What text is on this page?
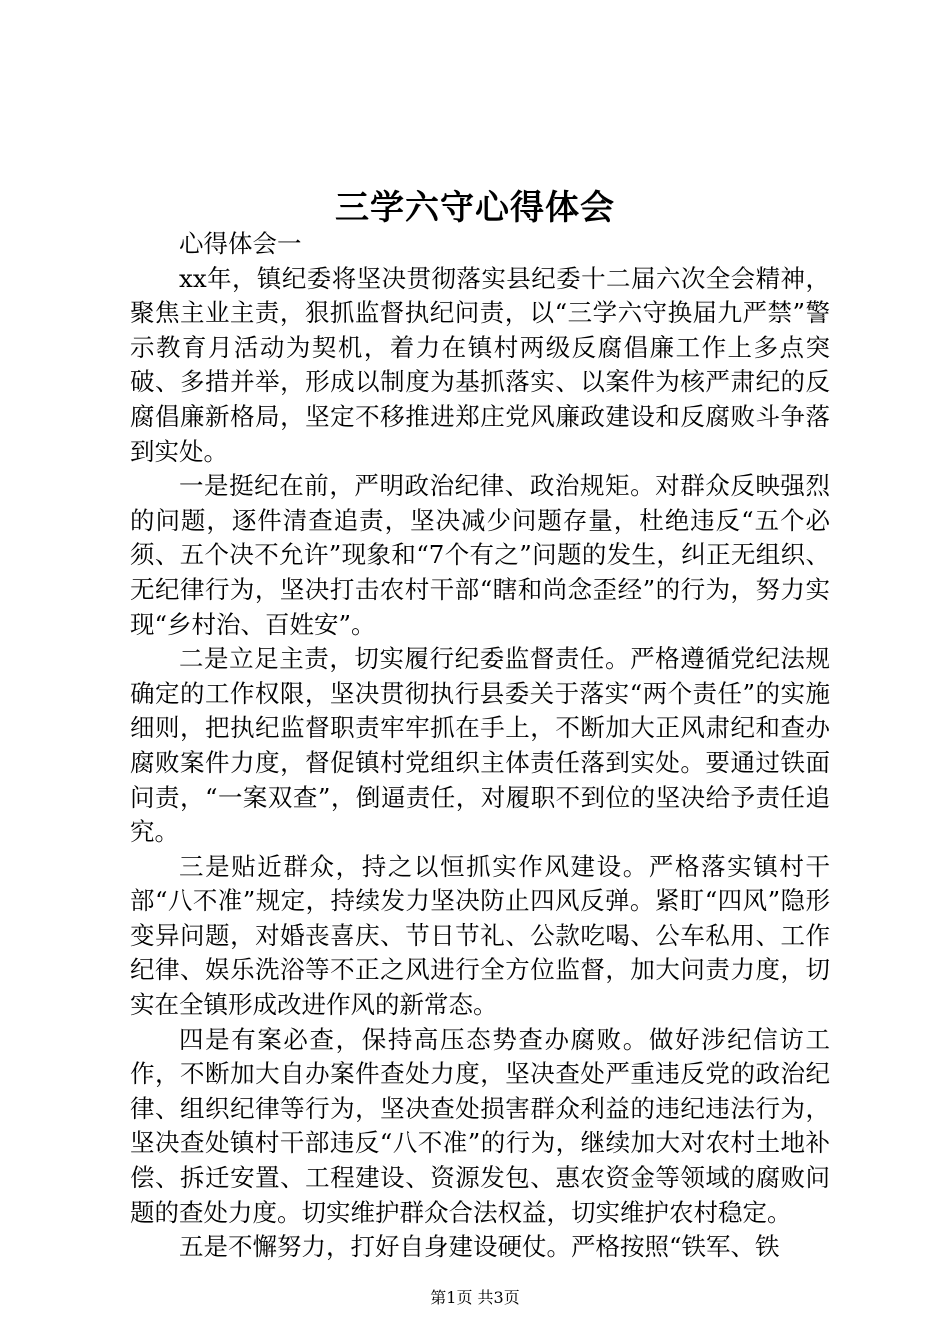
三学六守心得体会

心得体会一

xx年，镇纪委将坚决贯彻落实县纪委十二届六次全会精神，聚焦主业主责，狠抓监督执纪问责，以“三学六守换届九严禁”警示教育月活动为契机，着力在镇村两级反腐倡廉工作上多点突破、多措并举，形成以制度为基抓落实、以案件为核严肃纪的反腐倡廉新格局，坚定不移推进郑庄党风廉政建设和反腐败斗争落到实处。

一是挺纪在前，严明政治纪律、政治规矩。对群众反映强烈的问题，逐件清查追责，坚决减少问题存量，杜绝违反“五个必须、五个决不允许”现象和“7个有之”问题的发生，纠正无组织、无纪律行为，坚决打击农村干部“瞎和尚念歪经”的行为，努力实现“乡村治、百姓安”。

二是立足主责，切实履行纪委监督责任。严格遵循党纪法规确定的工作权限，坚决贯彻执行县委关于落实“两个责任”的实施细则，把执纪监督职责牢牢抓在手上，不断加大正风肃纪和查办腐败案件力度，督促镇村党组织主体责任落到实处。要通过铁面问责，“一案双查”，倒逼责任，对履职不到位的坚决给予责任追究。

三是贴近群众，持之以恒抓实作风建设。严格落实镇村干部“八不准”规定，持续发力坚决防止四风反弹。紧盯“四风”隐形变异问题，对婚丧喜庆、节日节礼、公款吃喝、公车私用、工作纪律、娱乐洗浴等不正之风进行全方位监督，加大问责力度，切实在全镇形成改进作风的新常态。

四是有案必查，保持高压态势查办腐败。做好涉纪信访工作，不断加大自办案件查处力度，坚决查处严重违反党的政治纪律、组织纪律等行为，坚决查处损害群众利益的违纪违法行为，坚决查处镇村干部违反“八不准”的行为，继续加大对农村土地补偿、拆迁安置、工程建设、资源发包、惠农资金等领域的腐败问题的查处力度。切实维护群众合法权益，切实维护农村稳定。

五是不懈努力，打好自身建设硬仗。严格按照“铁军、铁

第1页 共3页
